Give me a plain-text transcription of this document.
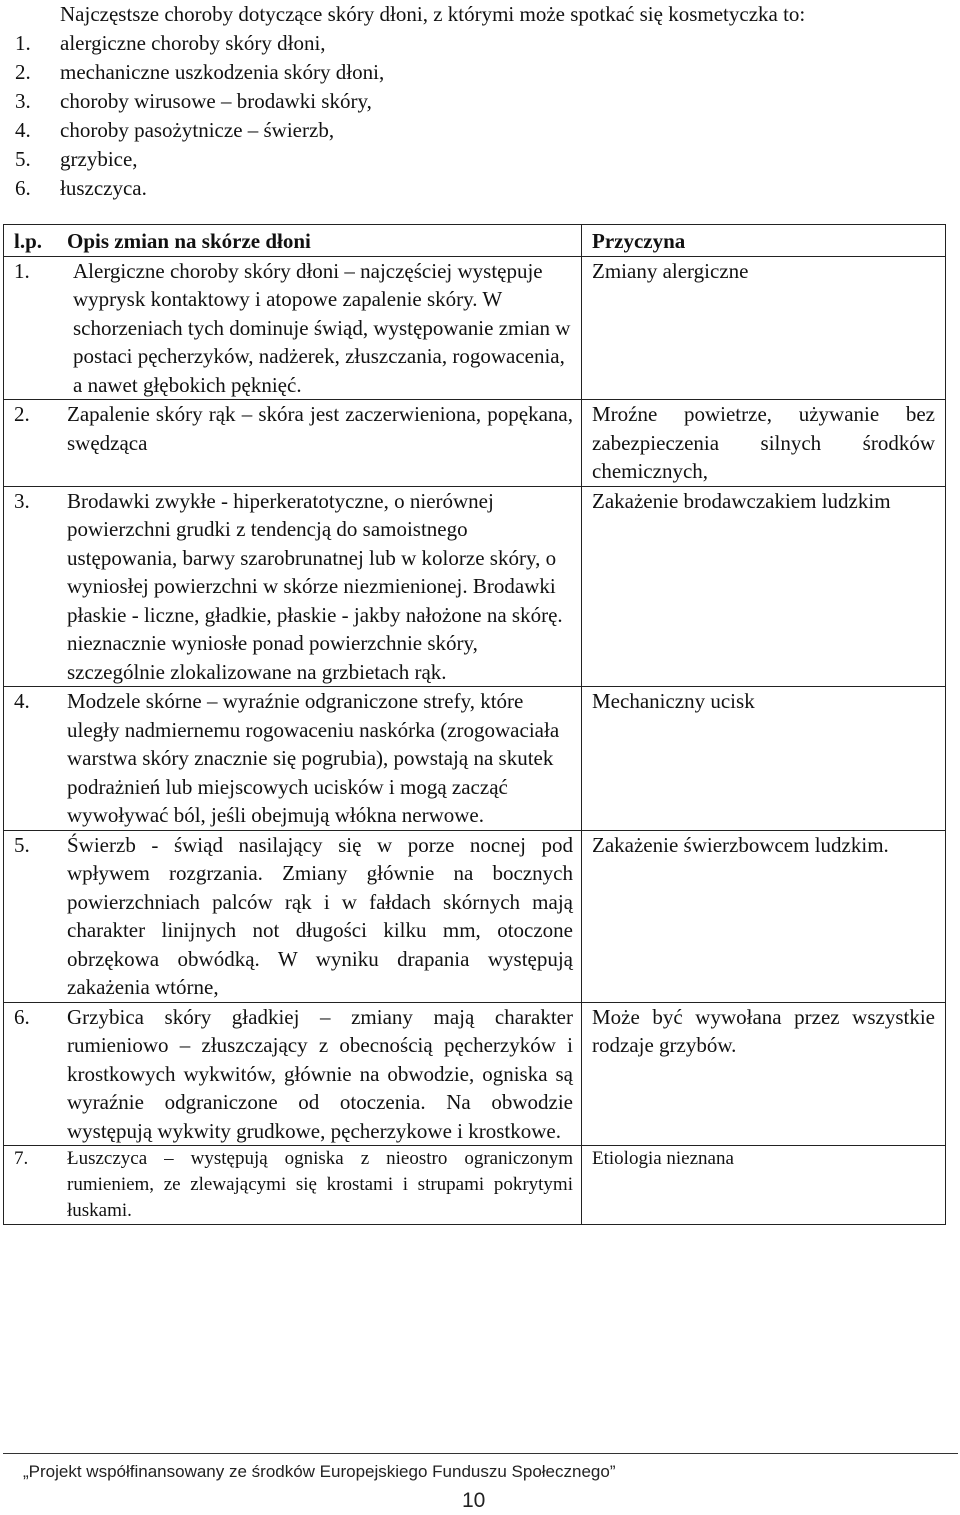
Najczęstsze choroby dotyczące skóry dłoni, z którymi może spotkać się kosmetyczka to:
1. alergiczne choroby skóry dłoni,
2. mechaniczne uszkodzenia skóry dłoni,
3. choroby wirusowe – brodawki skóry,
4. choroby pasożytnicze – świerzb,
5. grzybice,
6. łuszczyca.
l.p. Opis zmian na skórze dłoni	Przyczyna

1. Alergiczne choroby skóry dłoni – najczęściej występuje wyprysk kontaktowy i atopowe zapalenie skóry. W schorzeniach tych dominuje świąd, występowanie zmian w postaci pęcherzyków, nadżerek, złuszczania, rogowacenia, a nawet głębokich pęknięć.	Zmiany alergiczne

2. Zapalenie skóry rąk – skóra jest zaczerwieniona, popękana, swędząca	Mroźne powietrze, używanie bez zabezpieczenia silnych środków chemicznych,

3. Brodawki zwykłe - hiperkeratotyczne, o nierównej powierzchni grudki z tendencją do samoistnego ustępowania, barwy szarobrunatnej lub w kolorze skóry, o wyniosłej powierzchni w skórze niezmienionej. Brodawki płaskie - liczne, gładkie, płaskie - jakby nałożone na skórę. nieznacznie wyniosłe ponad powierzchnie skóry, szczególnie zlokalizowane na grzbietach rąk.	Zakażenie brodawczakiem ludzkim

4. Modzele skórne – wyraźnie odgraniczone strefy, które uległy nadmiernemu rogowaceniu naskórka (zrogowaciała warstwa skóry znacznie się pogrubia), powstają na skutek podrażnień lub miejscowych ucisków i mogą zacząć wywoływać ból, jeśli obejmują włókna nerwowe.	Mechaniczny ucisk

5. Świerzb - świąd nasilający się w porze nocnej pod wpływem rozgrzania. Zmiany głównie na bocznych powierzchniach palców rąk i w fałdach skórnych mają charakter linijnych not długości kilku mm, otoczone obrzękowa obwódką. W wyniku drapania występują zakażenia wtórne,	Zakażenie świerzbowcem ludzkim.

6. Grzybica skóry gładkiej – zmiany mają charakter rumieniowo – złuszczający z obecnością pęcherzyków i krostkowych wykwitów, głównie na obwodzie, ogniska są wyraźnie odgraniczone od otoczenia. Na obwodzie występują wykwity grudkowe, pęcherzykowe i krostkowe.	Może być wywołana przez wszystkie rodzaje grzybów.

7. Łuszczyca – występują ogniska z nieostro ograniczonym rumieniem, ze zlewającymi się krostami i strupami pokrytymi łuskami.	Etiologia nieznana
„Projekt współfinansowany ze środków Europejskiego Funduszu Społecznego”
10
